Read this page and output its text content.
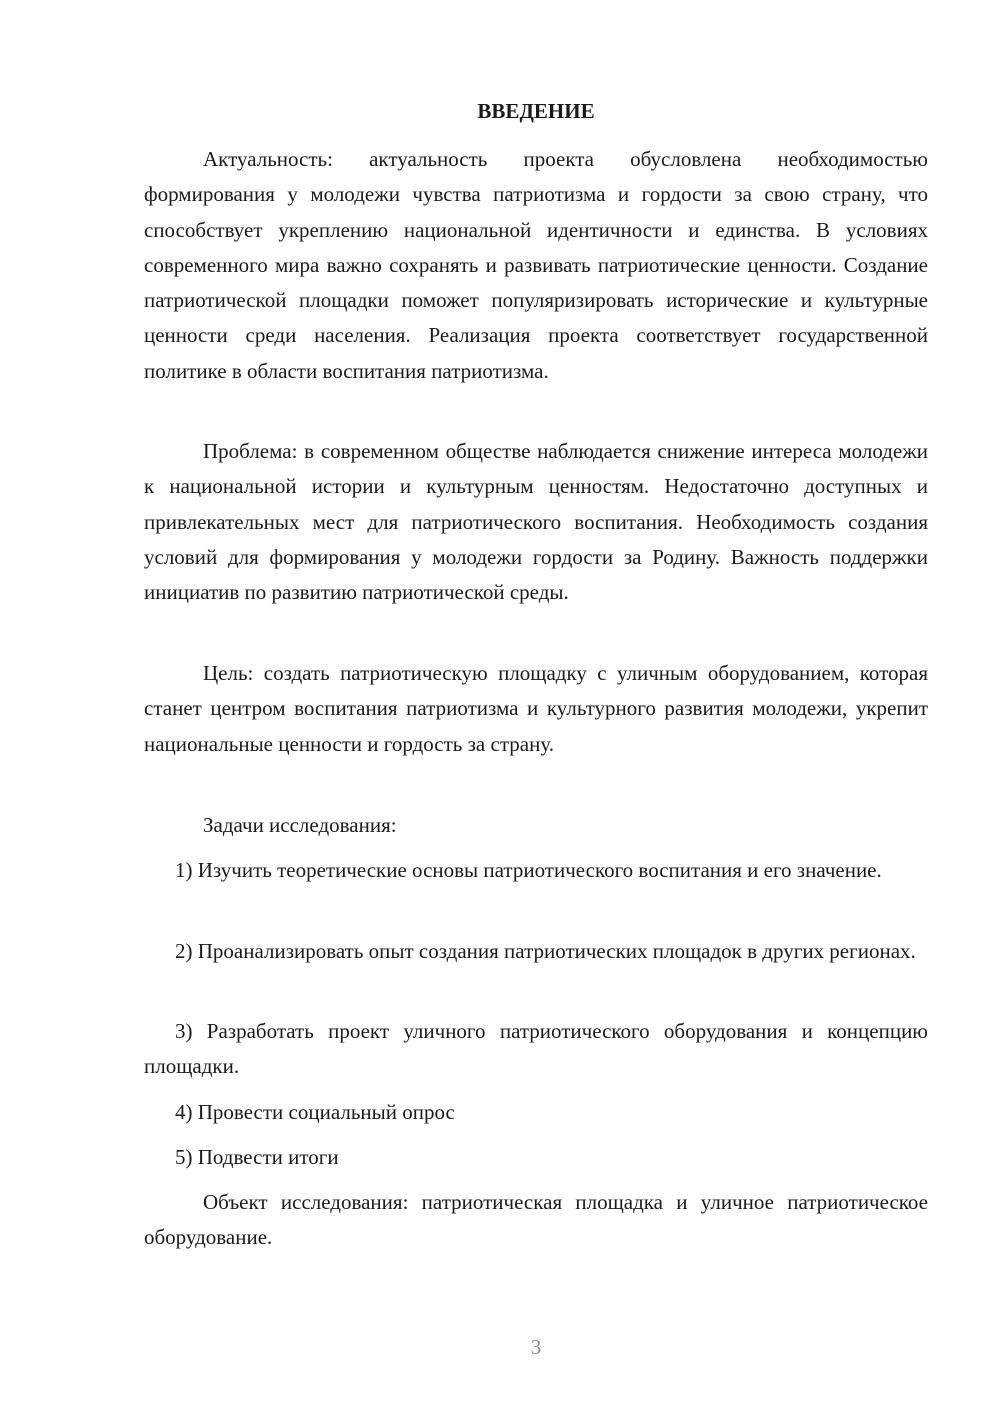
ВВЕДЕНИЕ

Актуальность: актуальность проекта обусловлена необходимостью формирования у молодежи чувства патриотизма и гордости за свою страну, что способствует укреплению национальной идентичности и единства. В условиях современного мира важно сохранять и развивать патриотические ценности. Создание патриотической площадки поможет популяризировать исторические и культурные ценности среди населения. Реализация проекта соответствует государственной политике в области воспитания патриотизма.

Проблема: в современном обществе наблюдается снижение интереса молодежи к национальной истории и культурным ценностям. Недостаточно доступных и привлекательных мест для патриотического воспитания. Необходимость создания условий для формирования у молодежи гордости за Родину. Важность поддержки инициатив по развитию патриотической среды.

Цель: создать патриотическую площадку с уличным оборудованием, которая станет центром воспитания патриотизма и культурного развития молодежи, укрепит национальные ценности и гордость за страну.

Задачи исследования:

1) Изучить теоретические основы патриотического воспитания и его значение.

2) Проанализировать опыт создания патриотических площадок в других регионах.

3) Разработать проект уличного патриотического оборудования и концепцию площадки.

4) Провести социальный опрос

5) Подвести итоги

Объект исследования: патриотическая площадка и уличное патриотическое оборудование.

3
